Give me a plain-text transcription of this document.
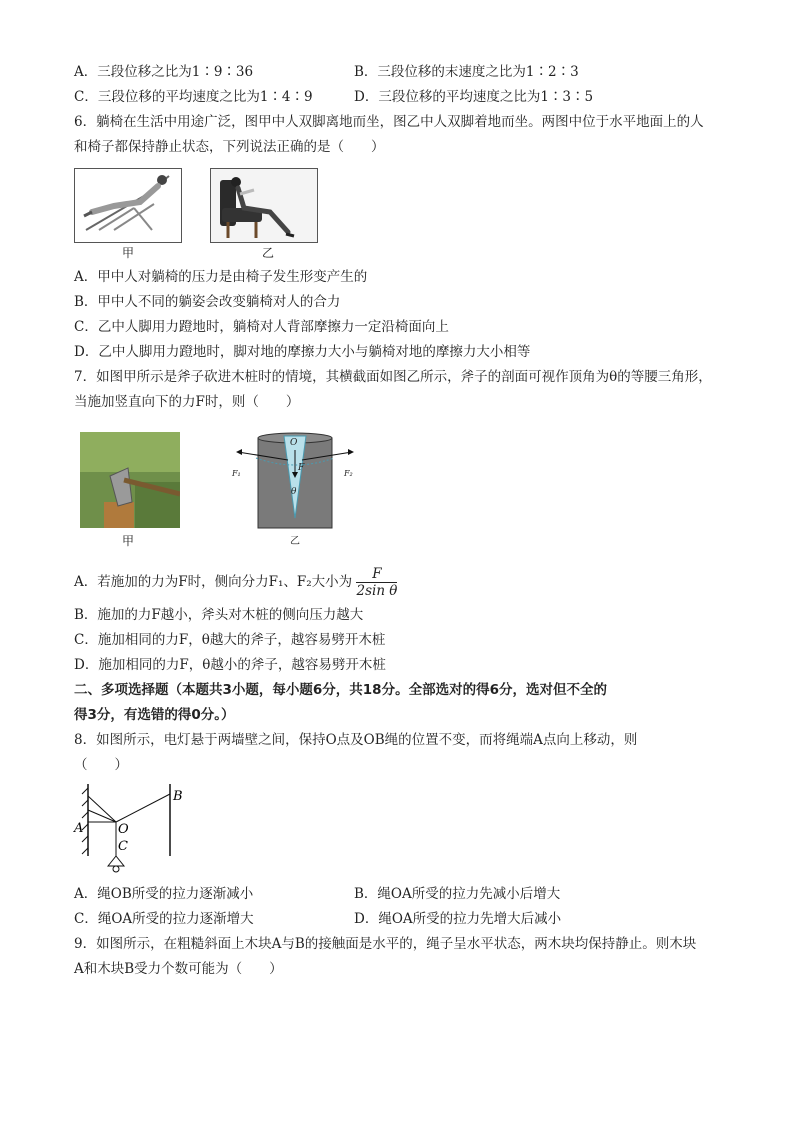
A．三段位移之比为1∶9∶36	B．三段位移的末速度之比为1∶2∶3
C．三段位移的平均速度之比为1∶4∶9	D．三段位移的平均速度之比为1∶3∶5
6．躺椅在生活中用途广泛，图甲中人双脚离地而坐，图乙中人双脚着地而坐。两图中位于水平地面上的人
和椅子都保持静止状态，下列说法正确的是（　　）
甲	乙
A．甲中人对躺椅的压力是由椅子发生形变产生的
B．甲中人不同的躺姿会改变躺椅对人的合力
C．乙中人脚用力蹬地时，躺椅对人背部摩擦力一定沿椅面向上
D．乙中人脚用力蹬地时，脚对地的摩擦力大小与躺椅对地的摩擦力大小相等
7．如图甲所示是斧子砍进木桩时的情境，其横截面如图乙所示，斧子的剖面可视作顶角为θ的等腰三角形，
当施加竖直向下的力F时，则（　　）
甲
O
F
θ
F₁	F₂
乙
A．若施加的力为F时，侧向分力F₁、F₂大小为 $\frac{F}{\text{2sin θ}}$
B．施加的力F越小，斧头对木桩的侧向压力越大
C．施加相同的力F，θ越大的斧子，越容易劈开木桩
D．施加相同的力F，θ越小的斧子，越容易劈开木桩
二、多项选择题（本题共3小题，每小题6分，共18分。全部选对的得6分，选对但不全的
得3分，有选错的得0分。）
8．如图所示，电灯悬于两墙壁之间，保持O点及OB绳的位置不变，而将绳端A点向上移动，则
（　　）
A
B
O
C
A．绳OB所受的拉力逐渐减小	B．绳OA所受的拉力先减小后增大
C．绳OA所受的拉力逐渐增大	D．绳OA所受的拉力先增大后减小
9．如图所示，在粗糙斜面上木块A与B的接触面是水平的，绳子呈水平状态，两木块均保持静止。则木块
A和木块B受力个数可能为（　　）
